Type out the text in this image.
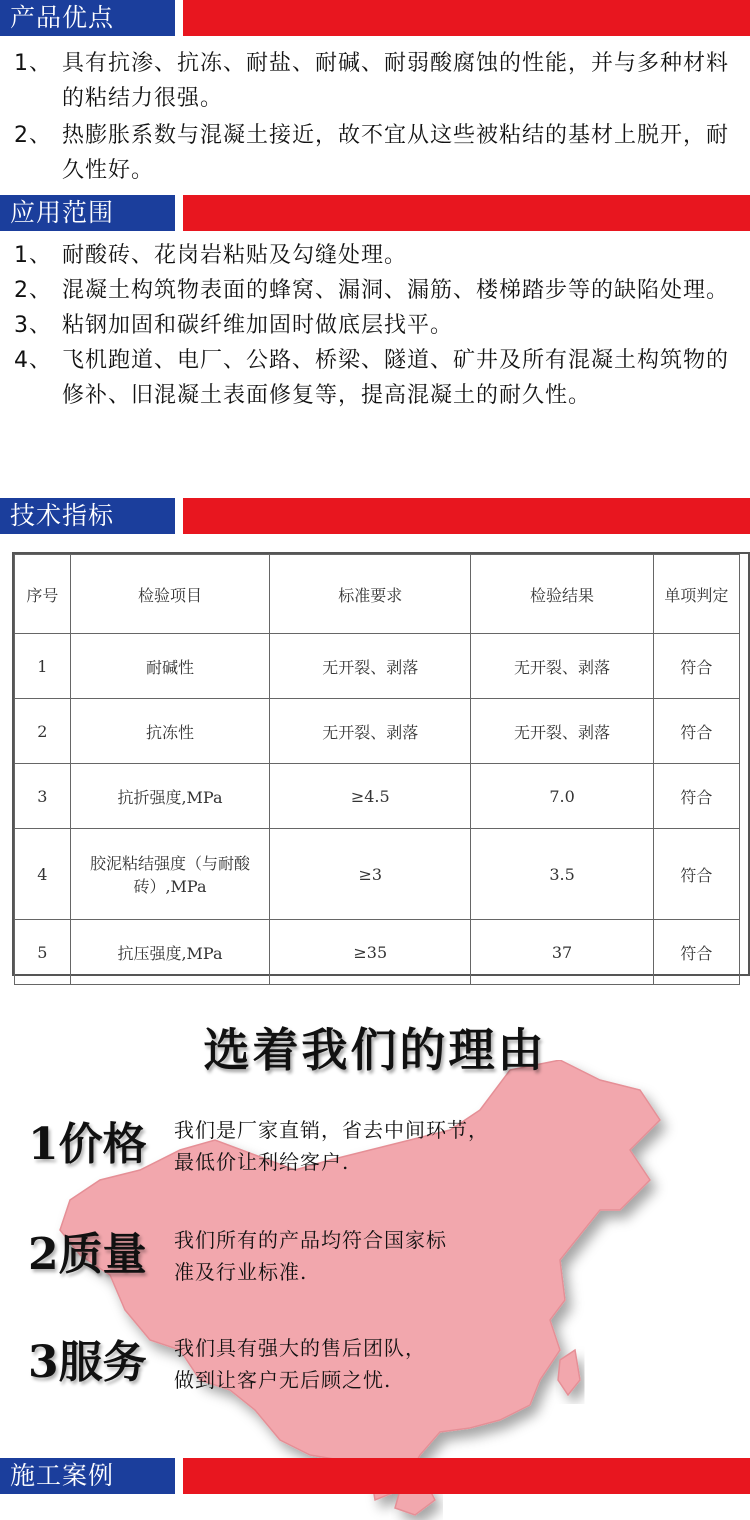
产品优点
1、 具有抗渗、抗冻、耐盐、耐碱、耐弱酸腐蚀的性能，并与多种材料的粘结力很强。
2、 热膨胀系数与混凝土接近，故不宜从这些被粘结的基材上脱开，耐久性好。
应用范围
1、 耐酸砖、花岗岩粘贴及勾缝处理。
2、 混凝土构筑物表面的蜂窝、漏洞、漏筋、楼梯踏步等的缺陷处理。
3、 粘钢加固和碳纤维加固时做底层找平。
4、 飞机跑道、电厂、公路、桥梁、隧道、矿井及所有混凝土构筑物的修补、旧混凝土表面修复等，提高混凝土的耐久性。
技术指标
序号	检验项目	标准要求	检验结果	单项判定
1	耐碱性	无开裂、剥落	无开裂、剥落	符合
2	抗冻性	无开裂、剥落	无开裂、剥落	符合
3	抗折强度,MPa	≥4.5	7.0	符合
4	胶泥粘结强度（与耐酸砖）,MPa	≥3	3.5	符合
5	抗压强度,MPa	≥35	37	符合
选着我们的理由
1价格 我们是厂家直销，省去中间环节，
最低价让利给客户.
2质量 我们所有的产品均符合国家标
准及行业标准.
3服务 我们具有强大的售后团队，
做到让客户无后顾之忧.
施工案例
